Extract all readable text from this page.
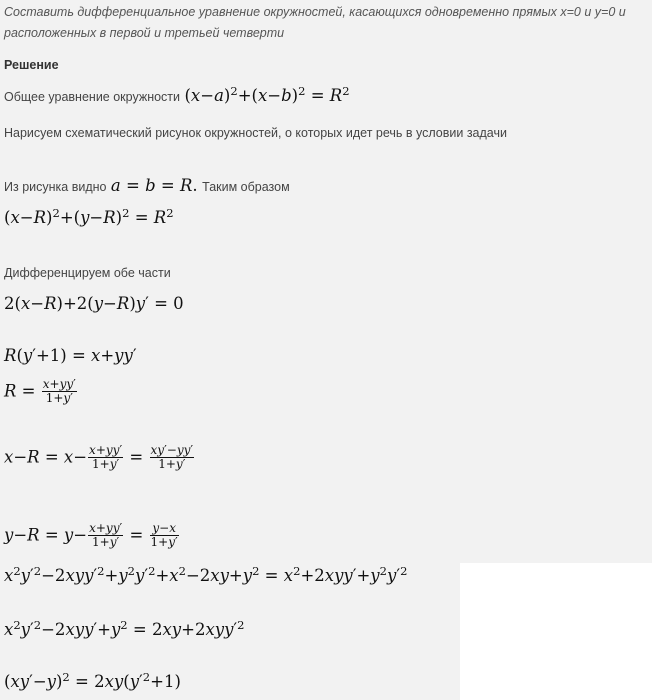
Составить дифференциальное уравнение окружностей, касающихся одновременно прямых x=0 и y=0 и
расположенных в первой и третьей четверти
Решение
Общее уравнение окружности $(x-a)^2+(x-b)^2 = R^2$
Нарисуем схематический рисунок окружностей, о которых идет речь в условии задачи
Из рисунка видно a = b = R. Таким образом
$(x-R)^2+(y-R)^2 = R^2$
Дифференцируем обе части
2(x−R)+2(y−R)y′ = 0
R(y′+1) = x+yy′
$R = \frac{x+yy'}{1+y'}$
$x-R = x- \frac{x+yy'}{1+y'} = \frac{xy'-yy'}{1+y'}$
$y-R = y- \frac{x+yy'}{1+y'} = \frac{y-x}{1+y'}$
$x^2y'^2-2xyy'^2+y^2y'^2+x^2-2xy+y^2 = x^2+2xyy'+y^2y'^2$
$x^2y'^2-2xyy'+y^2 = 2xy+2xyy'^2$
$(xy'-y)^2 = 2xy(y'^2+1)$
